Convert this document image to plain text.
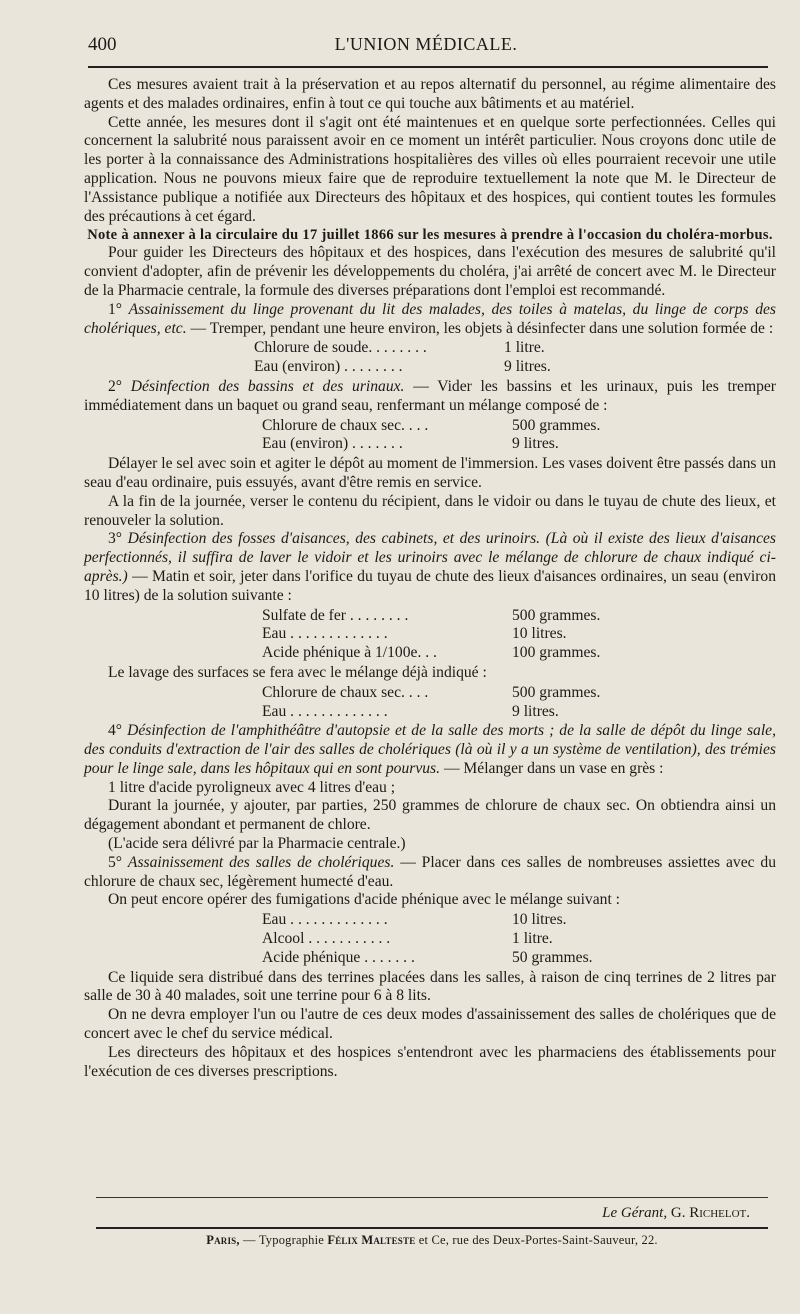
400	L'UNION MÉDICALE.

Ces mesures avaient trait à la préservation et au repos alternatif du personnel, au régime alimentaire des agents et des malades ordinaires, enfin à tout ce qui touche aux bâtiments et au matériel.

Cette année, les mesures dont il s'agit ont été maintenues et en quelque sorte perfectionnées. Celles qui concernent la salubrité nous paraissent avoir en ce moment un intérêt particulier. Nous croyons donc utile de les porter à la connaissance des Administrations hospitalières des villes où elles pourraient recevoir une utile application. Nous ne pouvons mieux faire que de reproduire textuellement la note que M. le Directeur de l'Assistance publique a notifiée aux Directeurs des hôpitaux et des hospices, qui contient toutes les formules des précautions à cet égard.

Note à annexer à la circulaire du 17 juillet 1866 sur les mesures à prendre à l'occasion du choléra-morbus.

Pour guider les Directeurs des hôpitaux et des hospices, dans l'exécution des mesures de salubrité qu'il convient d'adopter, afin de prévenir les développements du choléra, j'ai arrêté de concert avec M. le Directeur de la Pharmacie centrale, la formule des diverses préparations dont l'emploi est recommandé.

1° Assainissement du linge provenant du lit des malades, des toiles à matelas, du linge de corps des cholériques, etc. — Tremper, pendant une heure environ, les objets à désinfecter dans une solution formée de :

Chlorure de soude. . . . . . . .	1 litre.
Eau (environ) . . . . . . . .	9 litres.

2° Désinfection des bassins et des urinaux. — Vider les bassins et les urinaux, puis les tremper immédiatement dans un baquet ou grand seau, renfermant un mélange composé de :

Chlorure de chaux sec. . . .	500 grammes.
Eau (environ) . . . . . . .	9 litres.

Délayer le sel avec soin et agiter le dépôt au moment de l'immersion. Les vases doivent être passés dans un seau d'eau ordinaire, puis essuyés, avant d'être remis en service.

A la fin de la journée, verser le contenu du récipient, dans le vidoir ou dans le tuyau de chute des lieux, et renouveler la solution.

3° Désinfection des fosses d'aisances, des cabinets, et des urinoirs. (Là où il existe des lieux d'aisances perfectionnés, il suffira de laver le vidoir et les urinoirs avec le mélange de chlorure de chaux indiqué ci-après.) — Matin et soir, jeter dans l'orifice du tuyau de chute des lieux d'aisances ordinaires, un seau (environ 10 litres) de la solution suivante :

Sulfate de fer . . . . . . . .	500 grammes.
Eau . . . . . . . . . . . . .	10 litres.
Acide phénique à 1/100e. . .	100 grammes.

Le lavage des surfaces se fera avec le mélange déjà indiqué :

Chlorure de chaux sec. . . .	500 grammes.
Eau . . . . . . . . . . . . .	9 litres.

4° Désinfection de l'amphithéâtre d'autopsie et de la salle des morts ; de la salle de dépôt du linge sale, des conduits d'extraction de l'air des salles de cholériques (là où il y a un système de ventilation), des trémies pour le linge sale, dans les hôpitaux qui en sont pourvus. — Mélanger dans un vase en grès :

1 litre d'acide pyroligneux avec 4 litres d'eau ;

Durant la journée, y ajouter, par parties, 250 grammes de chlorure de chaux sec. On obtiendra ainsi un dégagement abondant et permanent de chlore.

(L'acide sera délivré par la Pharmacie centrale.)

5° Assainissement des salles de cholériques. — Placer dans ces salles de nombreuses assiettes avec du chlorure de chaux sec, légèrement humecté d'eau.

On peut encore opérer des fumigations d'acide phénique avec le mélange suivant :

Eau . . . . . . . . . . . . .	10 litres.
Alcool . . . . . . . . . . .	1 litre.
Acide phénique . . . . . . .	50 grammes.

Ce liquide sera distribué dans des terrines placées dans les salles, à raison de cinq terrines de 2 litres par salle de 30 à 40 malades, soit une terrine pour 6 à 8 lits.

On ne devra employer l'un ou l'autre de ces deux modes d'assainissement des salles de cholériques que de concert avec le chef du service médical.

Les directeurs des hôpitaux et des hospices s'entendront avec les pharmaciens des établissements pour l'exécution de ces diverses prescriptions.

Le Gérant, G. Richelot.
Paris, — Typographie Félix Malteste et Ce, rue des Deux-Portes-Saint-Sauveur, 22.
